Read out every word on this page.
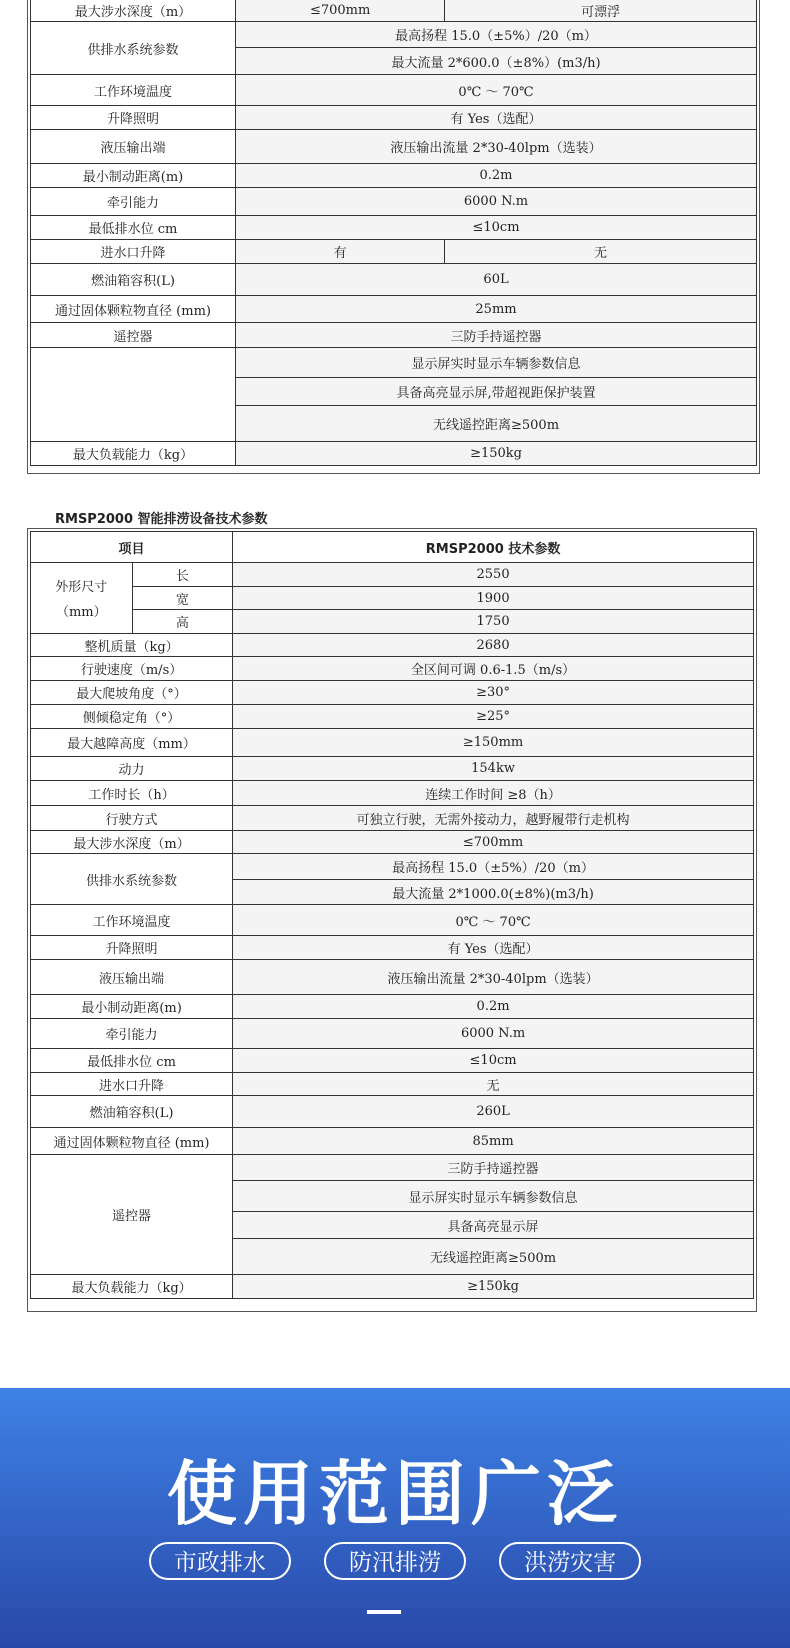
最大涉水深度（m）	≤700mm	可漂浮
供排水系统参数	最高扬程 15.0（±5%）/20（m）	
	最大流量 2*600.0（±8%）(m3/h)	
工作环境温度	0℃ ～ 70℃	
升降照明	有 Yes（选配）	
液压输出端	液压输出流量 2*30-40lpm（选装）	
最小制动距离(m)	0.2m	
牵引能力	6000 N.m	
最低排水位 cm	≤10cm	
进水口升降	有	无
燃油箱容积(L)	60L	
通过固体颗粒物直径 (mm)	25mm	
遥控器	三防手持遥控器	
	显示屏实时显示车辆参数信息	
	具备高亮显示屏,带超视距保护装置	
	无线遥控距离≥500m	
最大负载能力（kg）	≥150kg	
RMSP2000 智能排涝设备技术参数
项目		RMSP2000 技术参数

外形尺寸
（mm）	长	2550
	宽	1900
	高	1750
整机质量（kg）		2680
行驶速度（m/s）		全区间可调 0.6-1.5（m/s）
最大爬坡角度（°）		≥30°
侧倾稳定角（°）		≥25°
最大越障高度（mm）		≥150mm
动力		154kw
工作时长（h）		连续工作时间 ≥8（h）
行驶方式		可独立行驶，无需外接动力，越野履带行走机构
最大涉水深度（m）		≤700mm
供排水系统参数		最高扬程 15.0（±5%）/20（m）
		最大流量 2*1000.0(±8%)(m3/h)
工作环境温度		0℃ ～ 70℃
升降照明		有 Yes（选配）
液压输出端		液压输出流量 2*30-40lpm（选装）
最小制动距离(m)		0.2m
牵引能力		6000 N.m
最低排水位 cm		≤10cm
进水口升降		无
燃油箱容积(L)		260L
通过固体颗粒物直径 (mm)		85mm
遥控器		三防手持遥控器
		显示屏实时显示车辆参数信息
		具备高亮显示屏
		无线遥控距离≥500m
最大负载能力（kg）		≥150kg
使用范围广泛
市政排水	防汛排涝	洪涝灾害
